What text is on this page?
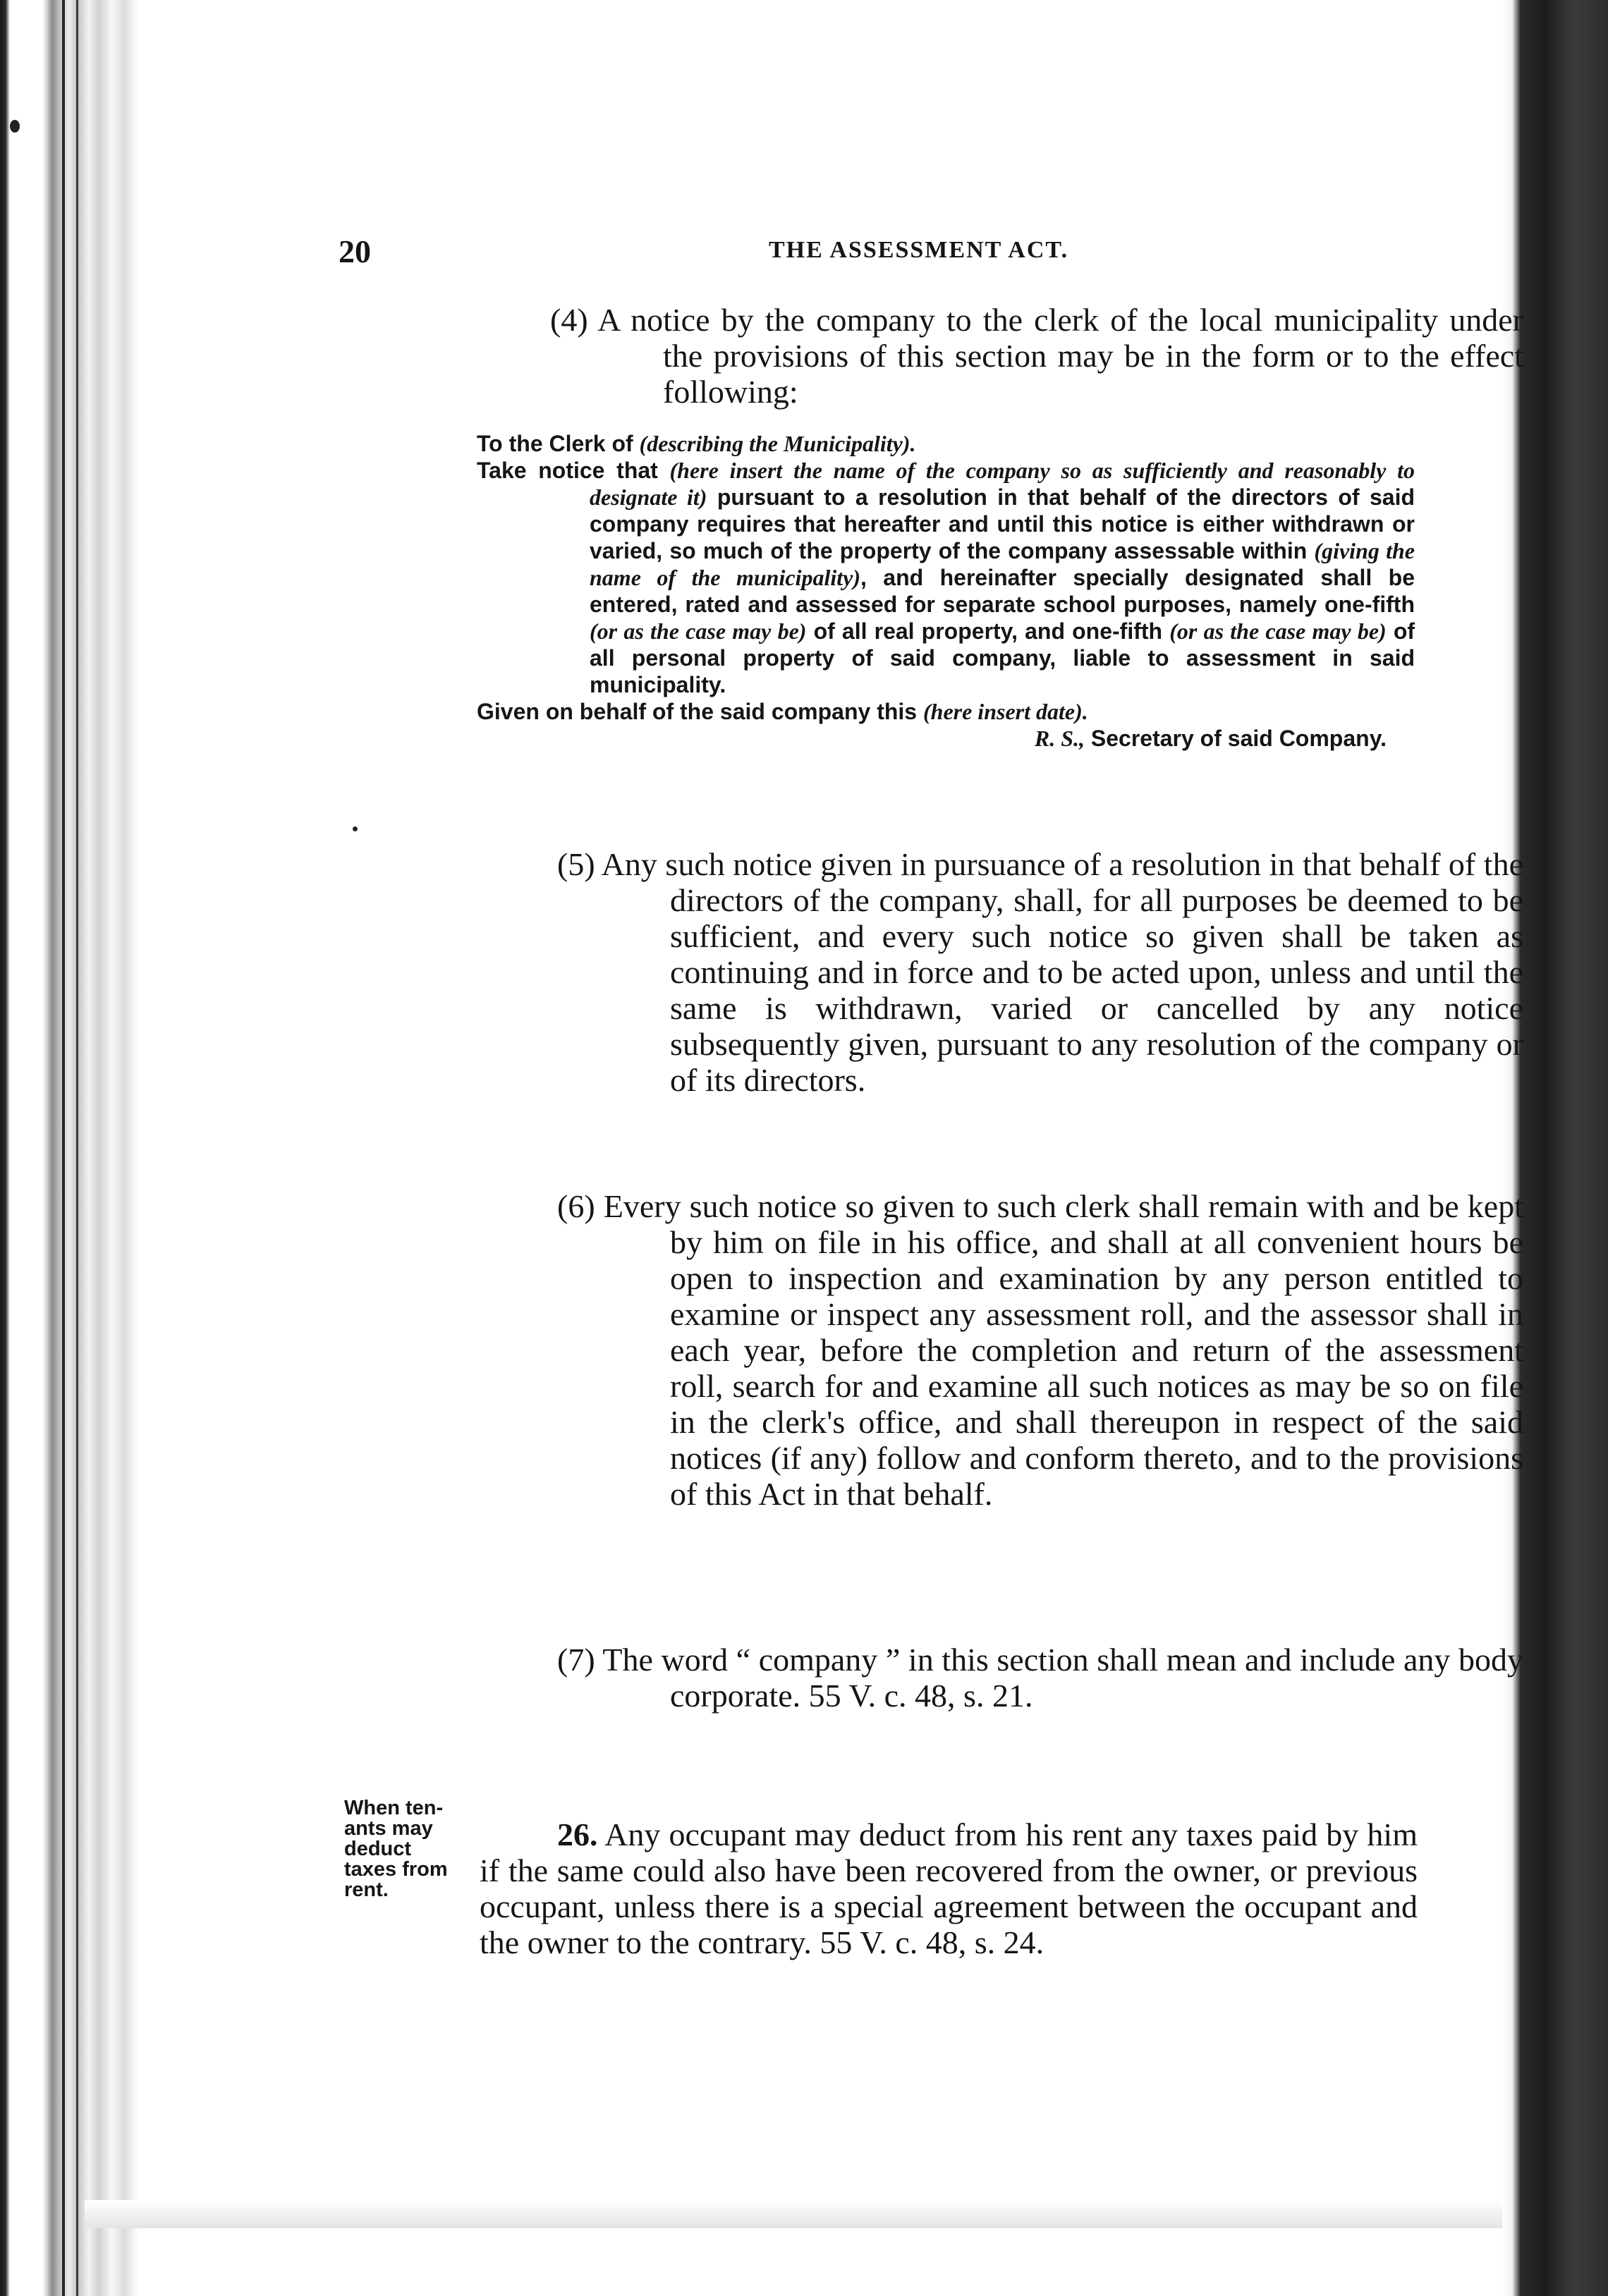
20	THE ASSESSMENT ACT.

(4) A notice by the company to the clerk of the local municipality under the provisions of this section may be in the form or to the effect following:

To the Clerk of (describing the Municipality).

Take notice that (here insert the name of the company so as sufficiently and reasonably to designate it) pursuant to a resolution in that behalf of the directors of said company requires that hereafter and until this notice is either withdrawn or varied, so much of the property of the company assessable within (giving the name of the municipality), and hereinafter specially designated shall be entered, rated and assessed for separate school purposes, namely one-fifth (or as the case may be) of all real property, and one-fifth (or as the case may be) of all personal property of said company, liable to assessment in said municipality.

Given on behalf of the said company this (here insert date).

R. S., Secretary of said Company.

(5) Any such notice given in pursuance of a resolution in that behalf of the directors of the company, shall, for all purposes be deemed to be sufficient, and every such notice so given shall be taken as continuing and in force and to be acted upon, unless and until the same is withdrawn, varied or cancelled by any notice subsequently given, pursuant to any resolution of the company or of its directors.

(6) Every such notice so given to such clerk shall remain with and be kept by him on file in his office, and shall at all convenient hours be open to inspection and examination by any person entitled to examine or inspect any assessment roll, and the assessor shall in each year, before the completion and return of the assessment roll, search for and examine all such notices as may be so on file in the clerk's office, and shall thereupon in respect of the said notices (if any) follow and conform thereto, and to the provisions of this Act in that behalf.

(7) The word “ company ” in this section shall mean and include any body corporate. 55 V. c. 48, s. 21.

When ten-
ants may
deduct
taxes from
rent.

26. Any occupant may deduct from his rent any taxes paid by him if the same could also have been recovered from the owner, or previous occupant, unless there is a special agreement between the occupant and the owner to the contrary. 55 V. c. 48, s. 24.
